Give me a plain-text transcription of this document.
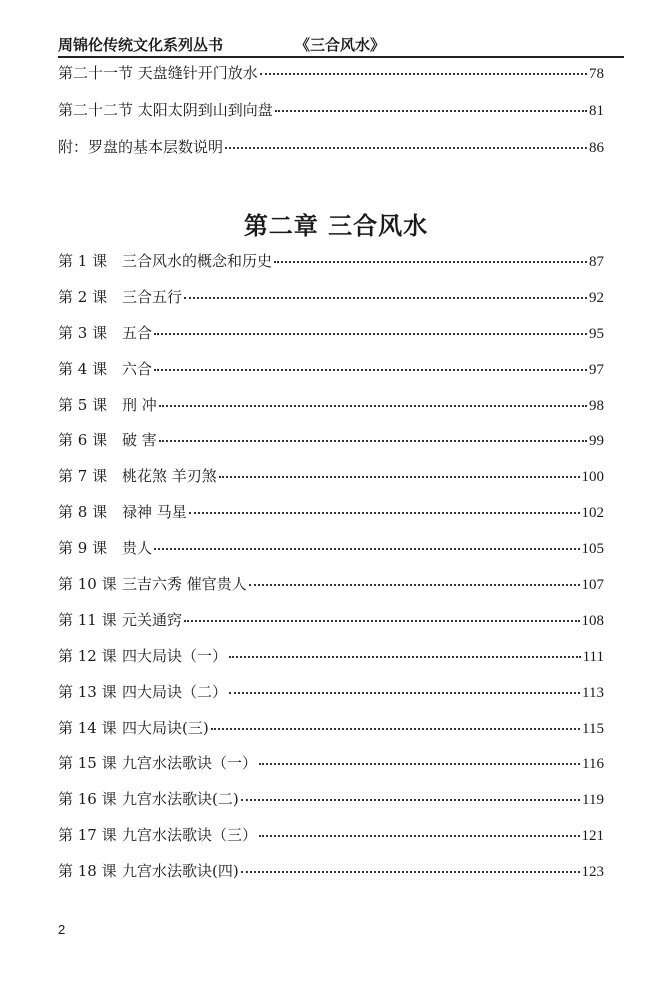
周锦伦传统文化系列丛书	《三合风水》
第二十一节 天盘缝针开门放水	78
第二十二节 太阳太阴到山到向盘	81
附：罗盘的基本层数说明	86
第二章 三合风水
第 1 课 三合风水的概念和历史	87
第 2 课 三合五行	92
第 3 课 五合	95
第 4 课 六合	97
第 5 课 刑 冲	98
第 6 课 破 害	99
第 7 课 桃花煞 羊刃煞	100
第 8 课 禄神 马星	102
第 9 课 贵人	105
第 10 课 三吉六秀 催官贵人	107
第 11 课 元关通窍	108
第 12 课 四大局诀（一）	111
第 13 课 四大局诀（二）	113
第 14 课 四大局诀(三)	115
第 15 课 九宫水法歌诀（一）	116
第 16 课 九宫水法歌诀(二)	119
第 17 课 九宫水法歌诀（三）	121
第 18 课 九宫水法歌诀(四)	123
2
